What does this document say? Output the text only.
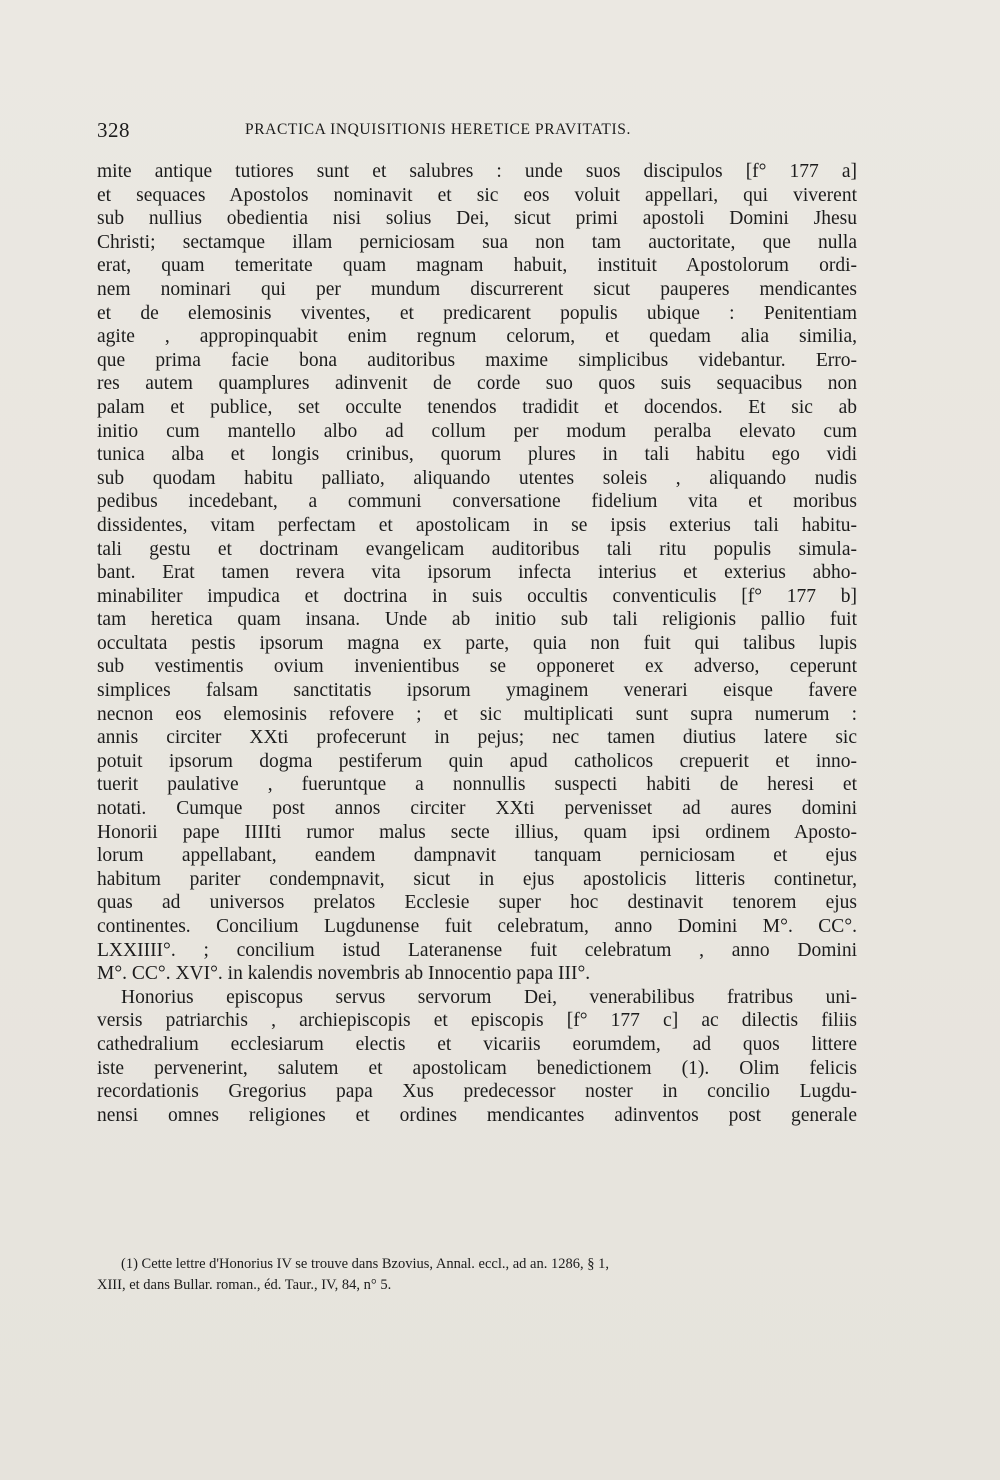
328	PRACTICA INQUISITIONIS HERETICE PRAVITATIS.
mite antique tutiores sunt et salubres : unde suos discipulos [f° 177 a]
et sequaces Apostolos nominavit et sic eos voluit appellari, qui viverent
sub nullius obedientia nisi solius Dei, sicut primi apostoli Domini Jhesu
Christi; sectamque illam perniciosam sua non tam auctoritate, que nulla
erat, quam temeritate quam magnam habuit, instituit Apostolorum ordi-
nem nominari qui per mundum discurrerent sicut pauperes mendicantes
et de elemosinis viventes, et predicarent populis ubique : Penitentiam
agite , appropinquabit enim regnum celorum, et quedam alia similia,
que prima facie bona auditoribus maxime simplicibus videbantur. Erro-
res autem quamplures adinvenit de corde suo quos suis sequacibus non
palam et publice, set occulte tenendos tradidit et docendos. Et sic ab
initio cum mantello albo ad collum per modum peralba elevato cum
tunica alba et longis crinibus, quorum plures in tali habitu ego vidi
sub quodam habitu palliato, aliquando utentes soleis , aliquando nudis
pedibus incedebant, a communi conversatione fidelium vita et moribus
dissidentes, vitam perfectam et apostolicam in se ipsis exterius tali habitu-
tali gestu et doctrinam evangelicam auditoribus tali ritu populis simula-
bant. Erat tamen revera vita ipsorum infecta interius et exterius abho-
minabiliter impudica et doctrina in suis occultis conventiculis [f° 177 b]
tam heretica quam insana. Unde ab initio sub tali religionis pallio fuit
occultata pestis ipsorum magna ex parte, quia non fuit qui talibus lupis
sub vestimentis ovium invenientibus se opponeret ex adverso, ceperunt
simplices falsam sanctitatis ipsorum ymaginem venerari eisque favere
necnon eos elemosinis refovere ; et sic multiplicati sunt supra numerum :
annis circiter XXti profecerunt in pejus; nec tamen diutius latere sic
potuit ipsorum dogma pestiferum quin apud catholicos crepuerit et inno-
tuerit paulative , fueruntque a nonnullis suspecti habiti de heresi et
notati. Cumque post annos circiter XXti pervenisset ad aures domini
Honorii pape IIIIti rumor malus secte illius, quam ipsi ordinem Aposto-
lorum appellabant, eandem dampnavit tanquam perniciosam et ejus
habitum pariter condempnavit, sicut in ejus apostolicis litteris continetur,
quas ad universos prelatos Ecclesie super hoc destinavit tenorem ejus
continentes. Concilium Lugdunense fuit celebratum, anno Domini M°. CC°.
LXXIIII°. ; concilium istud Lateranense fuit celebratum , anno Domini
M°. CC°. XVI°. in kalendis novembris ab Innocentio papa III°.
Honorius episcopus servus servorum Dei, venerabilibus fratribus uni-
versis patriarchis , archiepiscopis et episcopis [f° 177 c] ac dilectis filiis
cathedralium ecclesiarum electis et vicariis eorumdem, ad quos littere
iste pervenerint, salutem et apostolicam benedictionem (1). Olim felicis
recordationis Gregorius papa Xus predecessor noster in concilio Lugdu-
nensi omnes religiones et ordines mendicantes adinventos post generale
(1) Cette lettre d'Honorius IV se trouve dans Bzovius, Annal. eccl., ad an. 1286, § 1,
XIII, et dans Bullar. roman., éd. Taur., IV, 84, n° 5.
